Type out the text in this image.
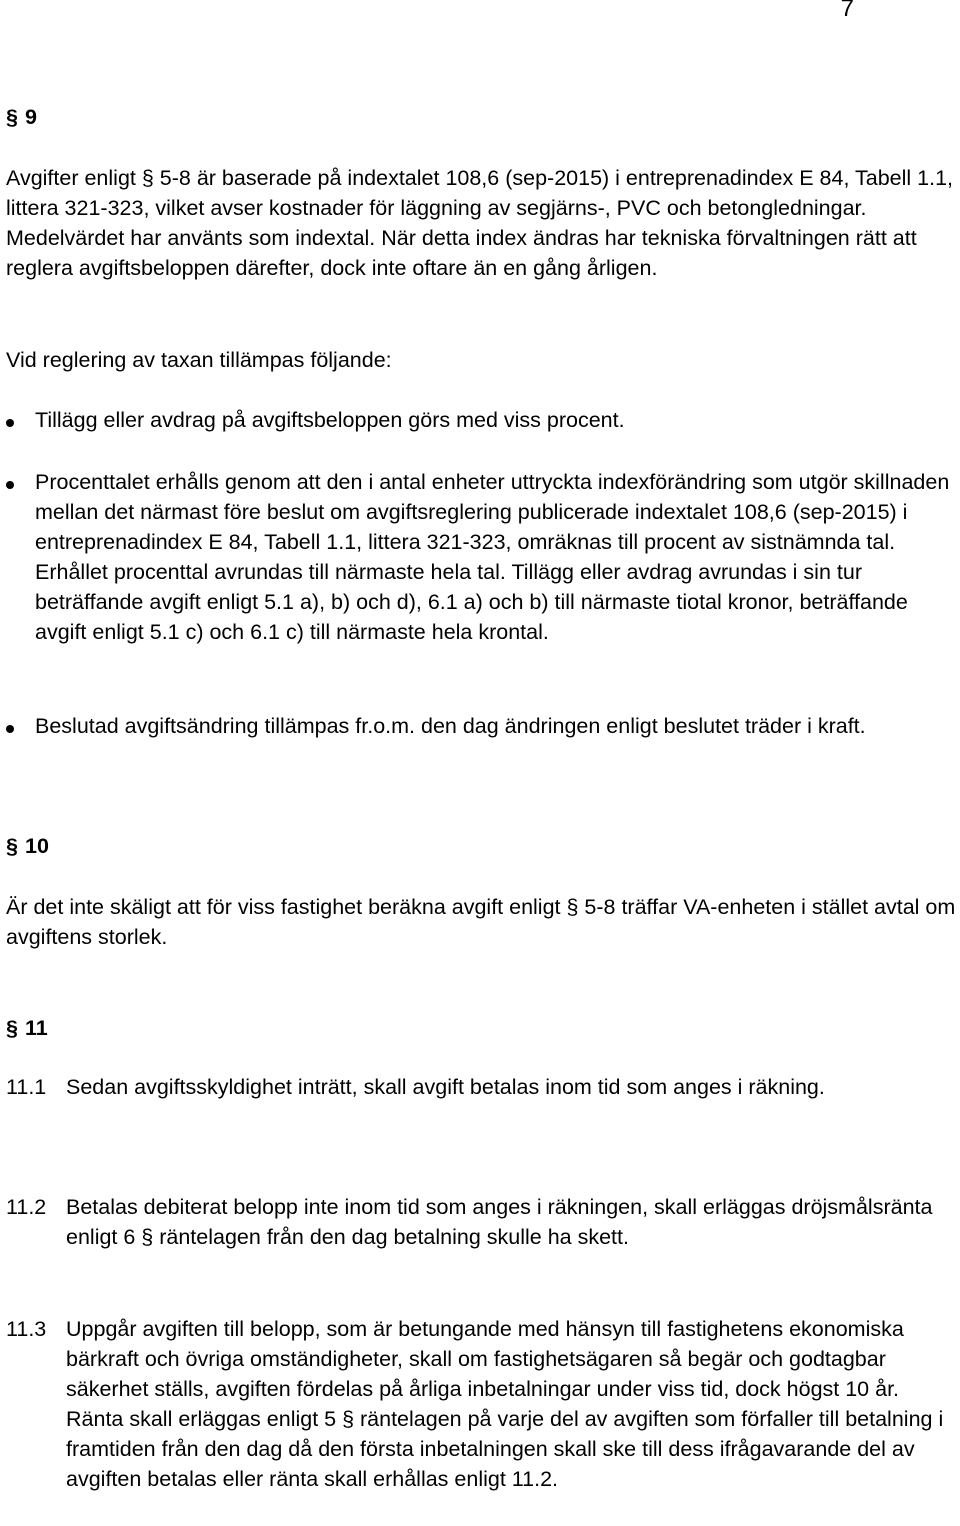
7
§ 9
Avgifter enligt § 5-8 är baserade på indextalet 108,6 (sep-2015) i entreprenadindex E 84, Tabell 1.1, littera 321-323, vilket avser kostnader för läggning av segjärns-, PVC och betongledningar. Medelvärdet har använts som indextal. När detta index ändras har tekniska förvaltningen rätt att reglera avgiftsbeloppen därefter, dock inte oftare än en gång årligen.
Vid reglering av taxan tillämpas följande:
Tillägg eller avdrag på avgiftsbeloppen görs med viss procent.
Procenttalet erhålls genom att den i antal enheter uttryckta indexförändring som utgör skillnaden mellan det närmast före beslut om avgiftsreglering publicerade indextalet 108,6 (sep-2015) i entreprenadindex E 84, Tabell 1.1, littera 321-323, omräknas till procent av sistnämnda tal. Erhållet procenttal avrundas till närmaste hela tal. Tillägg eller avdrag avrundas i sin tur beträffande avgift enligt 5.1 a), b) och d), 6.1 a) och b) till närmaste tiotal kronor, beträffande avgift enligt 5.1 c) och 6.1 c) till närmaste hela krontal.
Beslutad avgiftsändring tillämpas fr.o.m. den dag ändringen enligt beslutet träder i kraft.
§ 10
Är det inte skäligt att för viss fastighet beräkna avgift enligt § 5-8 träffar VA-enheten i stället avtal om avgiftens storlek.
§ 11
11.1 Sedan avgiftsskyldighet inträtt, skall avgift betalas inom tid som anges i räkning.
11.2 Betalas debiterat belopp inte inom tid som anges i räkningen, skall erläggas dröjsmålsränta enligt 6 § räntelagen från den dag betalning skulle ha skett.
11.3 Uppgår avgiften till belopp, som är betungande med hänsyn till fastighetens ekonomiska bärkraft och övriga omständigheter, skall om fastighetsägaren så begär och godtagbar säkerhet ställs, avgiften fördelas på årliga inbetalningar under viss tid, dock högst 10 år. Ränta skall erläggas enligt 5 § räntelagen på varje del av avgiften som förfaller till betalning i framtiden från den dag då den första inbetalningen skall ske till dess ifrågavarande del av avgiften betalas eller ränta skall erhållas enligt 11.2.
